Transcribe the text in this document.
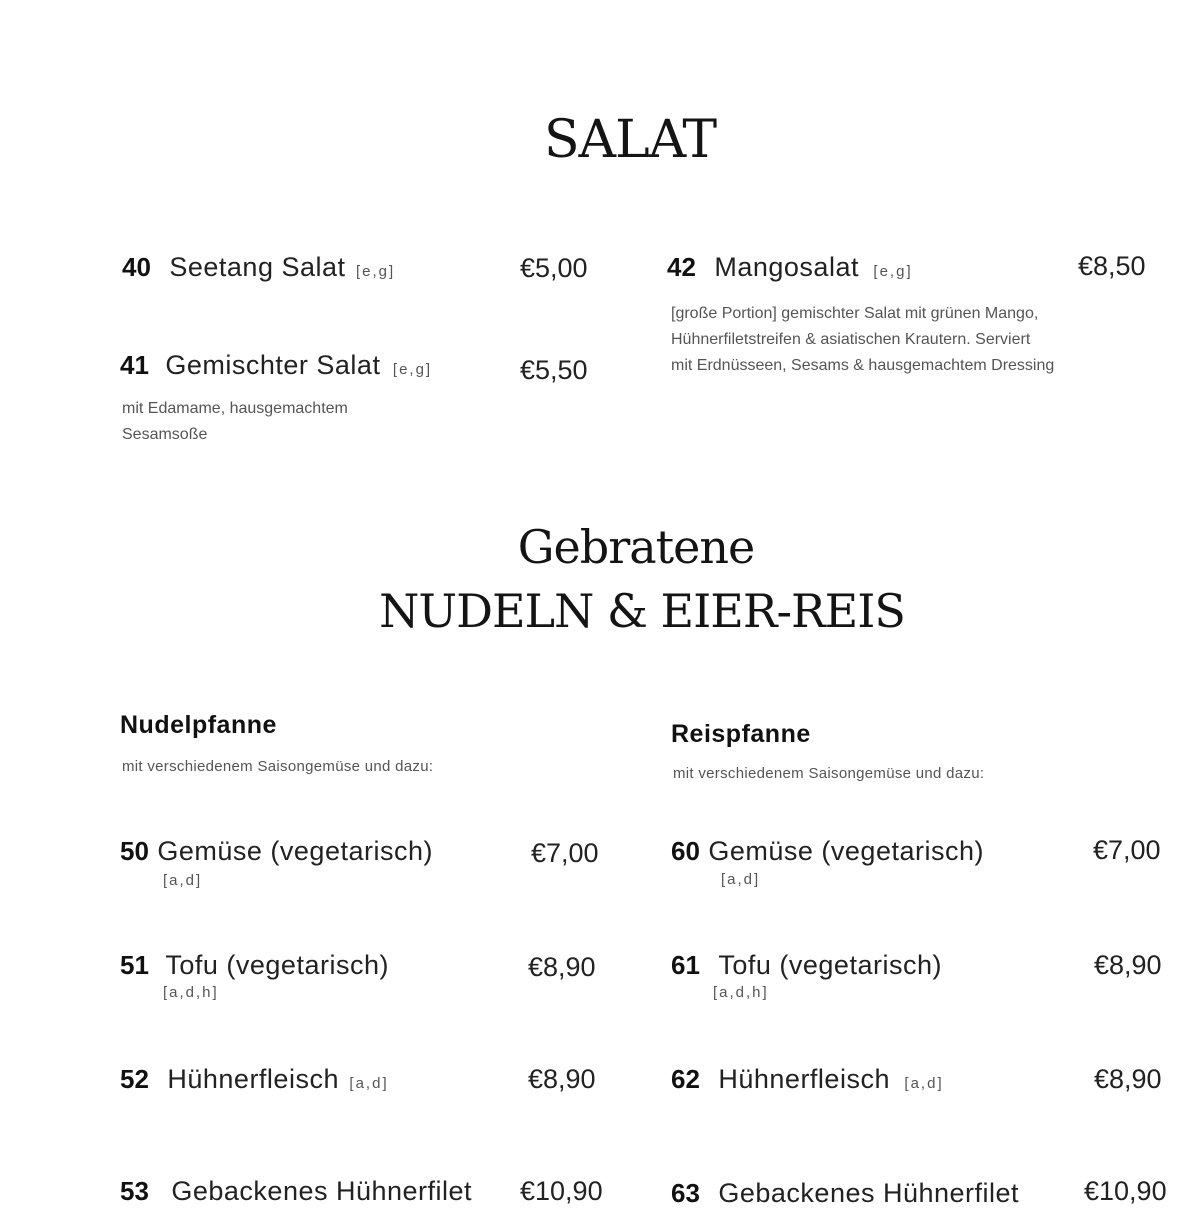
SALAT
40 Seetang Salat [e,g]	€5,00
41 Gemischter Salat [e,g]	€5,50
mit Edamame, hausgemachtem
Sesamsoße
42 Mangosalat [e,g]	€8,50
[große Portion] gemischter Salat mit grünen Mango,
Hühnerfiletstreifen & asiatischen Krautern. Serviert
mit Erdnüsseen, Sesams & hausgemachtem Dressing
Gebratene
NUDELN & EIER-REIS
Nudelpfanne
mit verschiedenem Saisongemüse und dazu:
50 Gemüse (vegetarisch)
[a,d]
€7,00
51 Tofu (vegetarisch)
[a,d,h]
€8,90
52 Hühnerfleisch [a,d]	€8,90
53 Gebackenes Hühnerfilet €10,90
Reispfanne
mit verschiedenem Saisongemüse und dazu:
60 Gemüse (vegetarisch)
[a,d]
€7,00
61 Tofu (vegetarisch)
[a,d,h]
€8,90
62 Hühnerfleisch [a,d]	€8,90
63 Gebackenes Hühnerfilet €10,90
